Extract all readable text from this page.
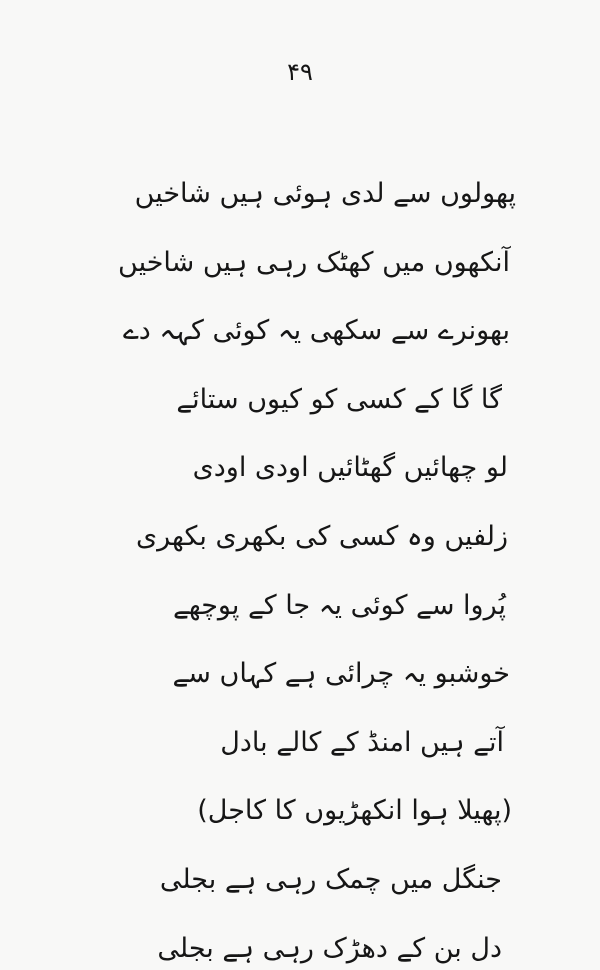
۴۹
پھولوں سے لدی ہوئی ہیں شاخیں
آنکھوں میں کھٹک رہی ہیں شاخیں
بھونرے سے سکھی یہ کوئی کہہ دے
گا گا کے کسی کو کیوں ستائے
لو چھائیں گھٹائیں اودی اودی
زلفیں وہ کسی کی بکھری بکھری
پُروا سے کوئی یہ جا کے پوچھے
خوشبو یہ چرائی ہے کہاں سے
آتے ہیں امنڈ کے کالے بادل
(پھیلا ہوا انکھڑیوں کا کاجل)
جنگل میں چمک رہی ہے بجلی
دل بن کے دھڑک رہی ہے بجلی
